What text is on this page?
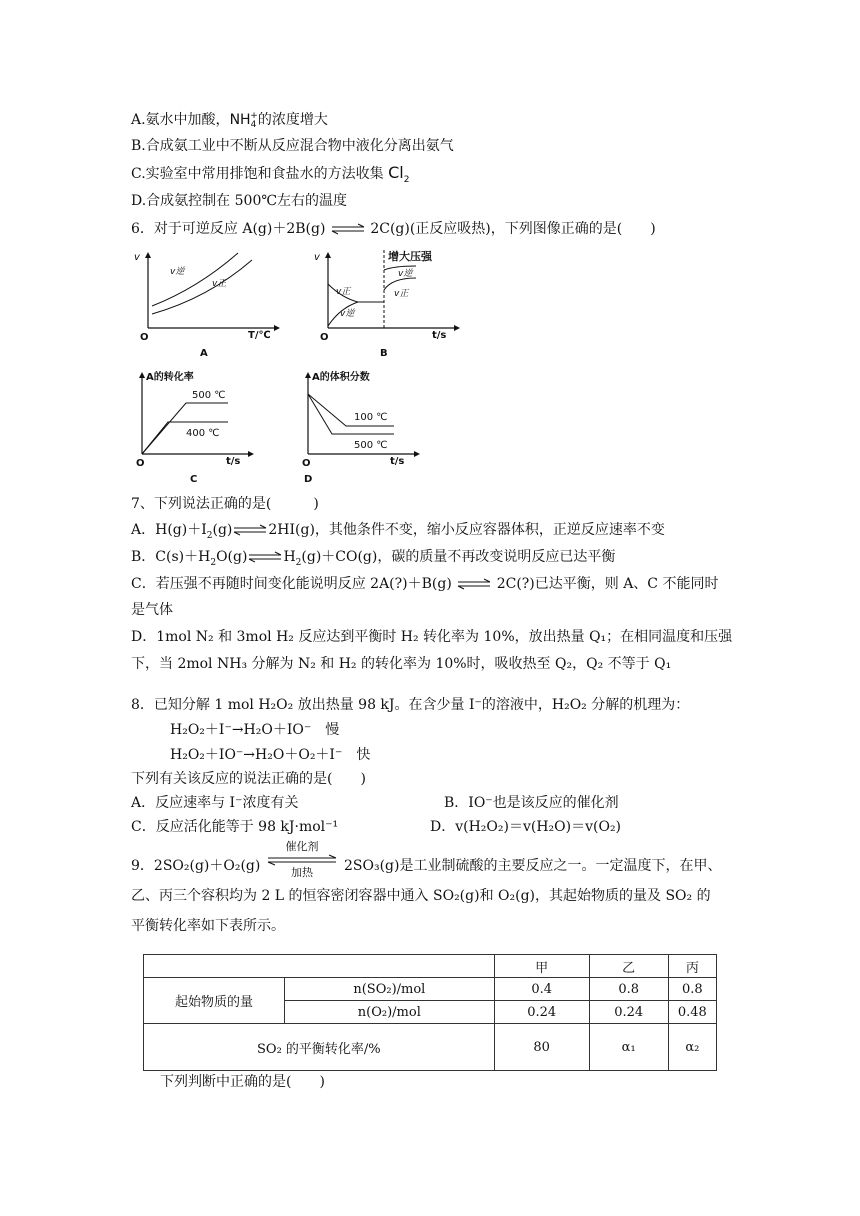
A.氨水中加酸，$NH_4^+$的浓度增大
B.合成氨工业中不断从反应混合物中液化分离出氨气
C.实验室中常用排饱和食盐水的方法收集 $Cl_2$
D.合成氨控制在 500℃左右的温度
6．对于可逆反应 A(g)＋2B(g) ⇌ 2C(g)(正反应吸热)，下列图像正确的是(　　)
v
O
v逆
v正
T/℃
A
v
O
增大压强
v正
v逆
v逆
v正
t/s
B
A的转化率
O
500 ℃
400 ℃
t/s
C
A的体积分数
O
100 ℃
500 ℃
t/s
D
7、下列说法正确的是(　　　)
A．$H(g)+I_2(g)\rightleftharpoons 2HI(g)$，其他条件不变，缩小反应容器体积，正逆反应速率不变
B．$C(s)+H_2O(g)\rightleftharpoons H_2(g)+CO(g)$，碳的质量不再改变说明反应已达平衡
C．若压强不再随时间变化能说明反应 2A(?)＋B(g) ⇌ 2C(?)已达平衡，则 A、C 不能同时
是气体
D．1mol N₂ 和 3mol H₂ 反应达到平衡时 H₂ 转化率为 10%，放出热量 Q₁；在相同温度和压强
下，当 2mol NH₃ 分解为 N₂ 和 H₂ 的转化率为 10%时，吸收热至 Q₂，Q₂ 不等于 Q₁
8．已知分解 1 mol H₂O₂ 放出热量 98 kJ。在含少量 I⁻的溶液中，H₂O₂ 分解的机理为：
H₂O₂＋I⁻→H₂O＋IO⁻　慢
H₂O₂＋IO⁻→H₂O＋O₂＋I⁻　快
下列有关该反应的说法正确的是(　　)
A．反应速率与 I⁻浓度有关	B．IO⁻也是该反应的催化剂
C．反应活化能等于 98 kJ·mol⁻¹	D．v(H₂O₂)＝v(H₂O)＝v(O₂)
9．2SO₂(g)＋O₂(g)
催化剂
加热	2SO₃(g)是工业制硫酸的主要反应之一。一定温度下，在甲、
乙、丙三个容积均为 2 L 的恒容密闭容器中通入 SO₂(g)和 O₂(g)，其起始物质的量及 SO₂ 的
平衡转化率如下表所示。
		甲	乙	丙
起始物质的量	n(SO₂)/mol	0.4	0.8	0.8
	n(O₂)/mol	0.24	0.24	0.48
SO₂ 的平衡转化率/%		80	α₁	α₂
下列判断中正确的是(　　)
